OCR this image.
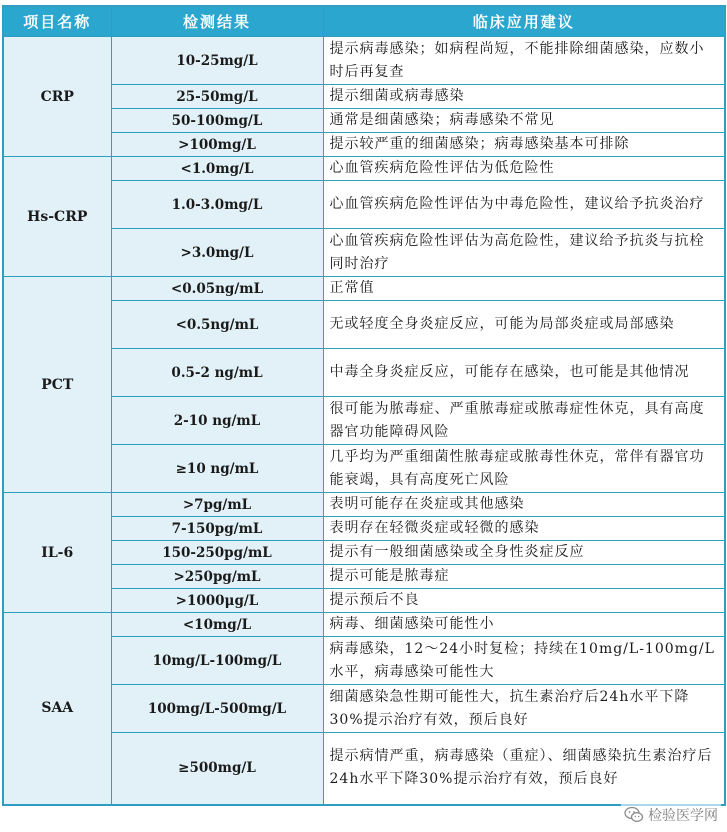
项目名称	检测结果	临床应用建议
CRP	10-25mg/L	提示病毒感染；如病程尚短，不能排除细菌感染，应数小时后再复查
	25-50mg/L	提示细菌或病毒感染
	50-100mg/L	通常是细菌感染；病毒感染不常见
	>100mg/L	提示较严重的细菌感染；病毒感染基本可排除
Hs-CRP	<1.0mg/L	心血管疾病危险性评估为低危险性
	1.0-3.0mg/L	心血管疾病危险性评估为中毒危险性，建议给予抗炎治疗
	>3.0mg/L	心血管疾病危险性评估为高危险性，建议给予抗炎与抗栓同时治疗
PCT	<0.05ng/mL	正常值
	<0.5ng/mL	无或轻度全身炎症反应，可能为局部炎症或局部感染
	0.5-2 ng/mL	中毒全身炎症反应，可能存在感染，也可能是其他情况
	2-10 ng/mL	很可能为脓毒症、严重脓毒症或脓毒症性休克，具有高度器官功能障碍风险
	≥10 ng/mL	几乎均为严重细菌性脓毒症或脓毒性休克，常伴有器官功能衰竭，具有高度死亡风险
IL-6	>7pg/mL	表明可能存在炎症或其他感染
	7-150pg/mL	表明存在轻微炎症或轻微的感染
	150-250pg/mL	提示有一般细菌感染或全身性炎症反应
	>250pg/mL	提示可能是脓毒症
	>1000μg/L	提示预后不良
SAA	<10mg/L	病毒、细菌感染可能性小
	10mg/L-100mg/L	病毒感染，12～24小时复检；持续在10mg/L-100mg/L水平，病毒感染可能性大
	100mg/L-500mg/L	细菌感染急性期可能性大，抗生素治疗后24h水平下降30%提示治疗有效，预后良好
	≥500mg/L	提示病情严重，病毒感染（重症）、细菌感染抗生素治疗后24h水平下降30%提示治疗有效，预后良好
检验医学网
